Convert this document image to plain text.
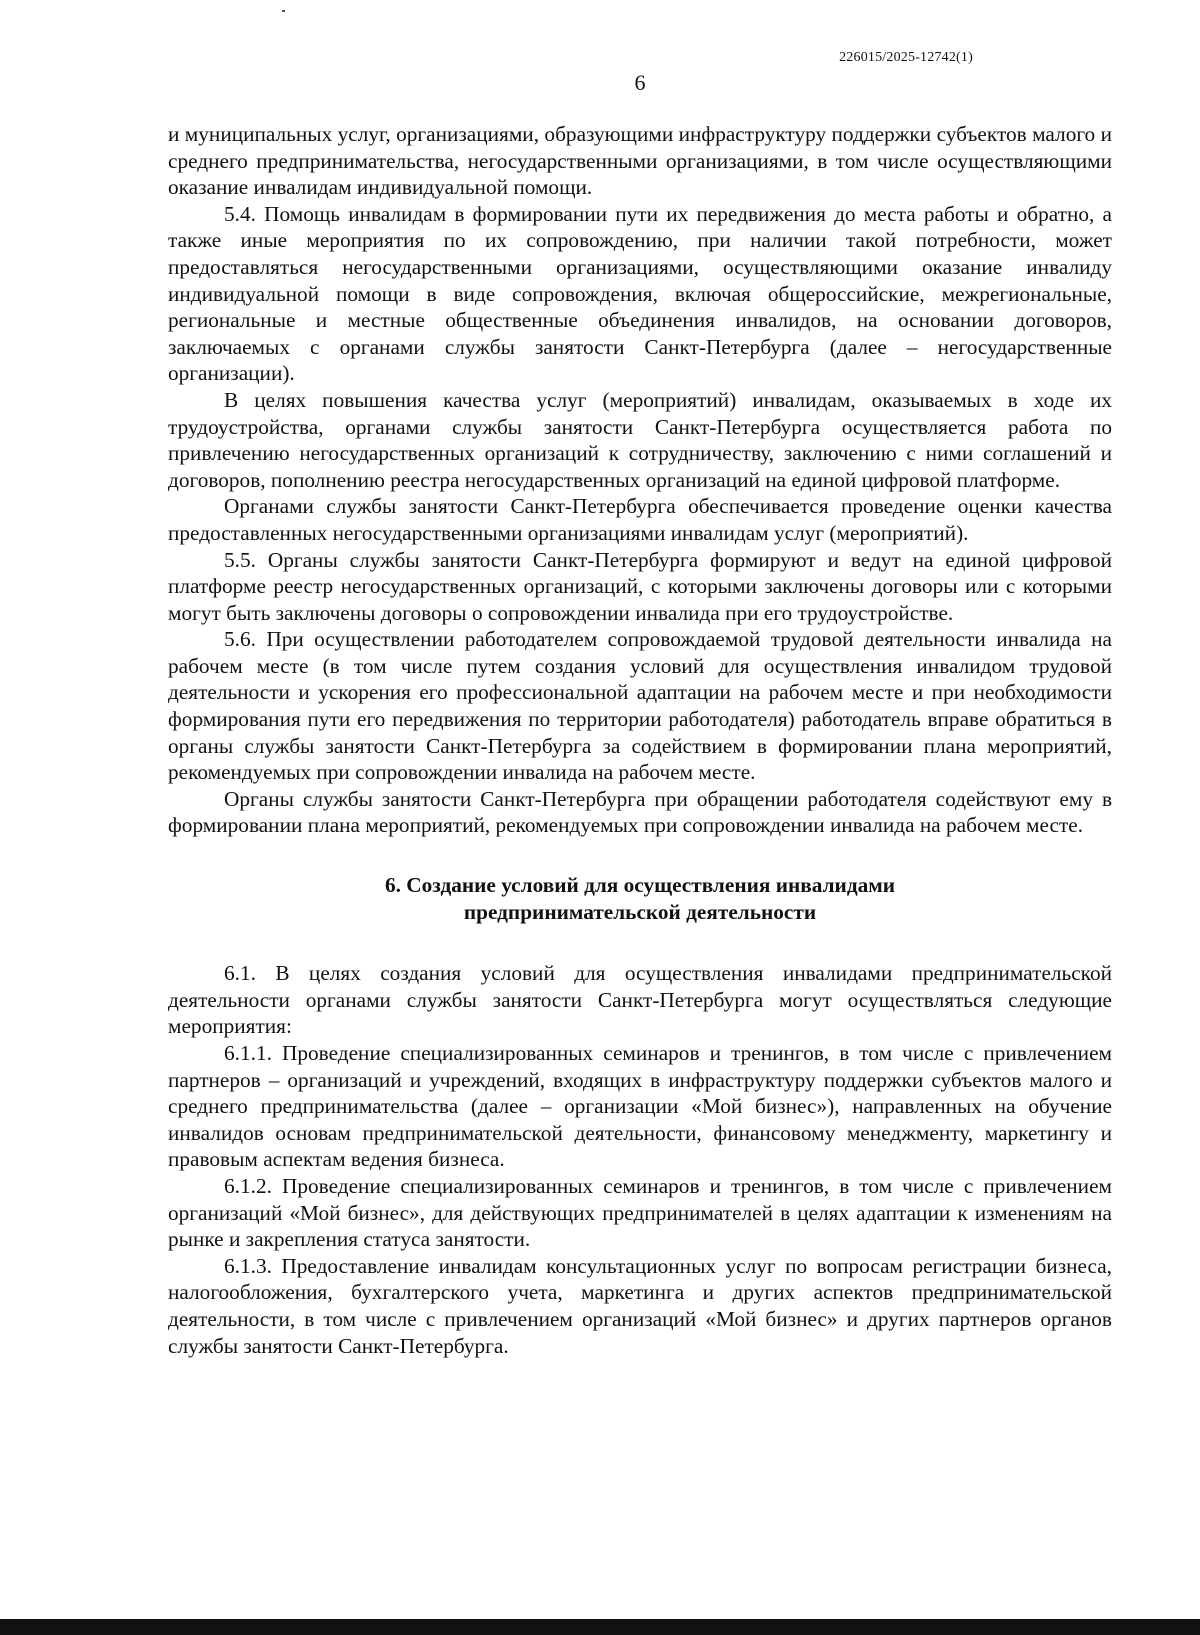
226015/2025-12742(1)
6

и муниципальных услуг, организациями, образующими инфраструктуру поддержки субъектов малого и среднего предпринимательства, негосударственными организациями, в том числе осуществляющими оказание инвалидам индивидуальной помощи.

5.4. Помощь инвалидам в формировании пути их передвижения до места работы и обратно, а также иные мероприятия по их сопровождению, при наличии такой потребности, может предоставляться негосударственными организациями, осуществляющими оказание инвалиду индивидуальной помощи в виде сопровождения, включая общероссийские, межрегиональные, региональные и местные общественные объединения инвалидов, на основании договоров, заключаемых с органами службы занятости Санкт-Петербурга (далее – негосударственные организации).

В целях повышения качества услуг (мероприятий) инвалидам, оказываемых в ходе их трудоустройства, органами службы занятости Санкт-Петербурга осуществляется работа по привлечению негосударственных организаций к сотрудничеству, заключению с ними соглашений и договоров, пополнению реестра негосударственных организаций на единой цифровой платформе.

Органами службы занятости Санкт-Петербурга обеспечивается проведение оценки качества предоставленных негосударственными организациями инвалидам услуг (мероприятий).

5.5. Органы службы занятости Санкт-Петербурга формируют и ведут на единой цифровой платформе реестр негосударственных организаций, с которыми заключены договоры или с которыми могут быть заключены договоры о сопровождении инвалида при его трудоустройстве.

5.6. При осуществлении работодателем сопровождаемой трудовой деятельности инвалида на рабочем месте (в том числе путем создания условий для осуществления инвалидом трудовой деятельности и ускорения его профессиональной адаптации на рабочем месте и при необходимости формирования пути его передвижения по территории работодателя) работодатель вправе обратиться в органы службы занятости Санкт-Петербурга за содействием в формировании плана мероприятий, рекомендуемых при сопровождении инвалида на рабочем месте.

Органы службы занятости Санкт-Петербурга при обращении работодателя содействуют ему в формировании плана мероприятий, рекомендуемых при сопровождении инвалида на рабочем месте.

6. Создание условий для осуществления инвалидами
предпринимательской деятельности

6.1. В целях создания условий для осуществления инвалидами предпринимательской деятельности органами службы занятости Санкт-Петербурга могут осуществляться следующие мероприятия:

6.1.1. Проведение специализированных семинаров и тренингов, в том числе с привлечением партнеров – организаций и учреждений, входящих в инфраструктуру поддержки субъектов малого и среднего предпринимательства (далее – организации «Мой бизнес»), направленных на обучение инвалидов основам предпринимательской деятельности, финансовому менеджменту, маркетингу и правовым аспектам ведения бизнеса.

6.1.2. Проведение специализированных семинаров и тренингов, в том числе с привлечением организаций «Мой бизнес», для действующих предпринимателей в целях адаптации к изменениям на рынке и закрепления статуса занятости.

6.1.3. Предоставление инвалидам консультационных услуг по вопросам регистрации бизнеса, налогообложения, бухгалтерского учета, маркетинга и других аспектов предпринимательской деятельности, в том числе с привлечением организаций «Мой бизнес» и других партнеров органов службы занятости Санкт-Петербурга.
